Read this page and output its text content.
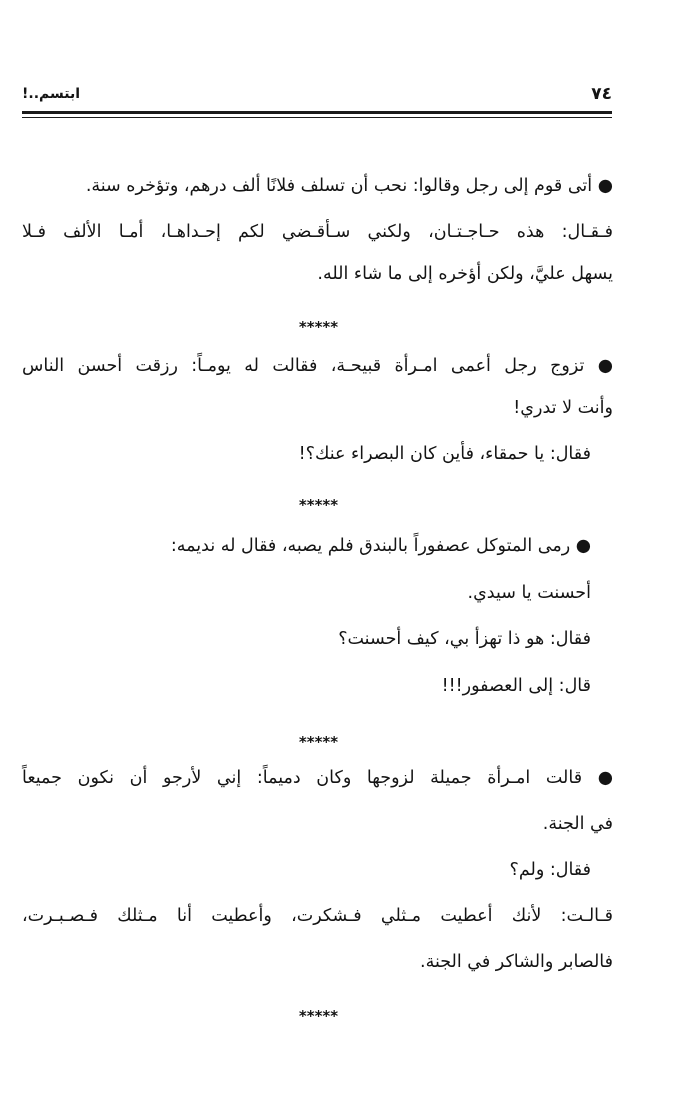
٧٤
ابتسم..!
● أتى قوم إلى رجل وقالوا: نحب أن تسلف فلانًا ألف درهم، وتؤخره سنة.
فـقـال: هذه حـاجـتـان، ولكني سـأقـضي لكم إحـداهـا، أمـا الألف فـلا
يسهل عليَّ، ولكن أؤخره إلى ما شاء الله.
*****
● تزوج رجل أعمى امـرأة قبيحـة، فقالت له يومـاً: رزقت أحسن الناس
وأنت لا تدري!
فقال: يا حمقاء، فأين كان البصراء عنك؟!
*****
● رمى المتوكل عصفوراً بالبندق فلم يصبه، فقال له نديمه:
أحسنت يا سيدي.
فقال: هو ذا تهزأ بي، كيف أحسنت؟
قال: إلى العصفور!!!
*****
● قالت امـرأة جميلة لزوجها وكان دميماً: إني لأرجو أن نكون جميعاً
في الجنة.
فقال: ولم؟
قـالـت: لأنك أعطيت مـثلي فـشكرت، وأعطيت أنا مـثلك فـصـبـرت،
فالصابر والشاكر في الجنة.
*****
